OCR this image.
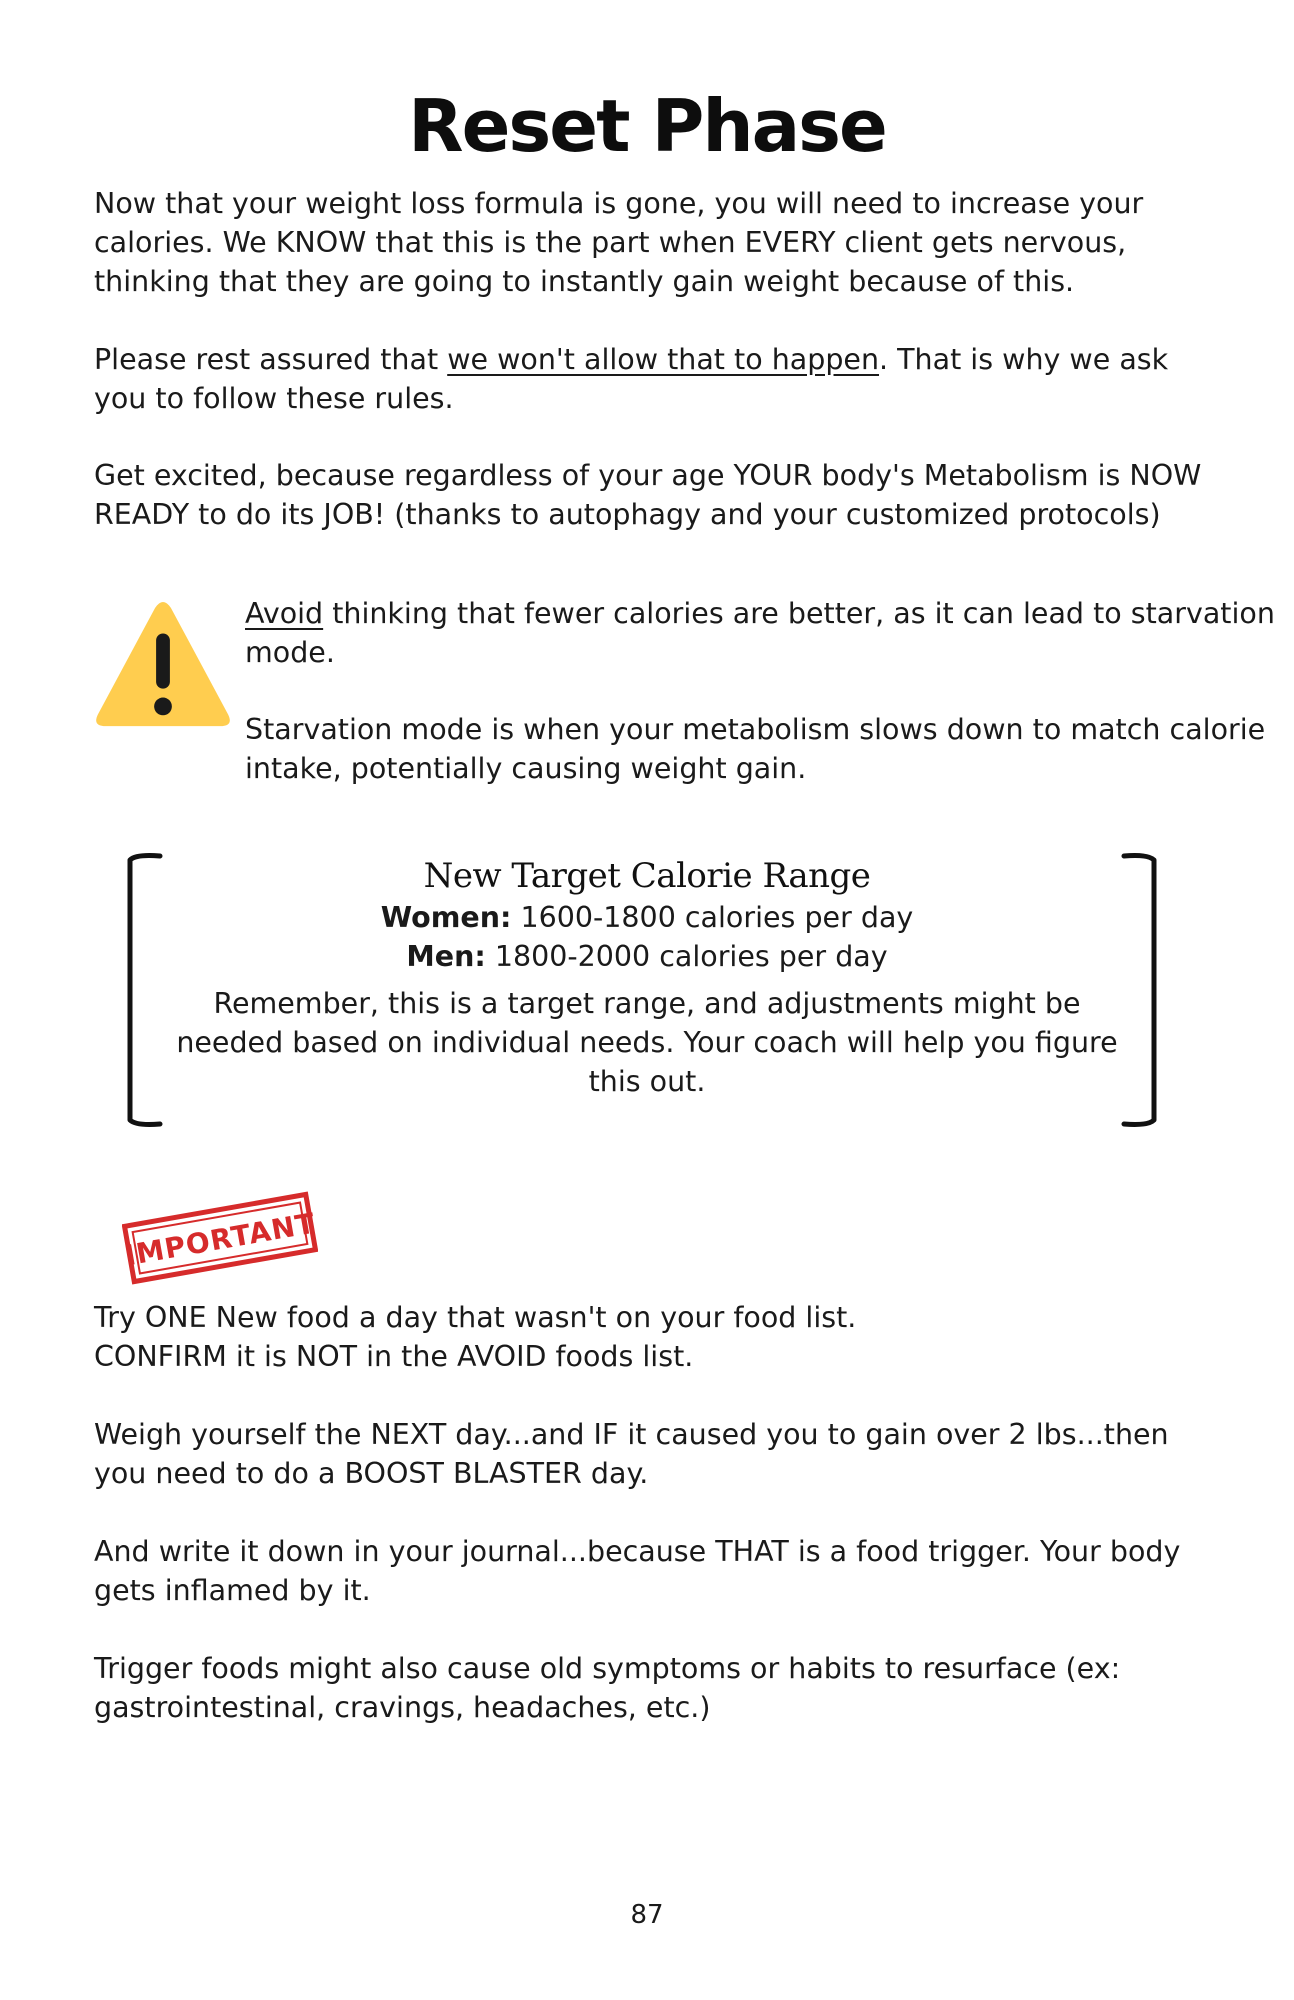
Reset Phase

Now that your weight loss formula is gone, you will need to increase your calories. We KNOW that this is the part when EVERY client gets nervous, thinking that they are going to instantly gain weight because of this.

Please rest assured that we won't allow that to happen. That is why we ask you to follow these rules.

Get excited, because regardless of your age YOUR body's Metabolism is NOW READY to do its JOB! (thanks to autophagy and your customized protocols)

Avoid thinking that fewer calories are better, as it can lead to starvation mode.

Starvation mode is when your metabolism slows down to match calorie intake, potentially causing weight gain.

New Target Calorie Range
Women: 1600-1800 calories per day
Men: 1800-2000 calories per day
Remember, this is a target range, and adjustments might be needed based on individual needs. Your coach will help you figure this out.
IMPORTANT

Try ONE New food a day that wasn't on your food list.

CONFIRM it is NOT in the AVOID foods list.

Weigh yourself the NEXT day...and IF it caused you to gain over 2 lbs...then you need to do a BOOST BLASTER day.

And write it down in your journal...because THAT is a food trigger. Your body gets inflamed by it.

Trigger foods might also cause old symptoms or habits to resurface (ex: gastrointestinal, cravings, headaches, etc.)

87
